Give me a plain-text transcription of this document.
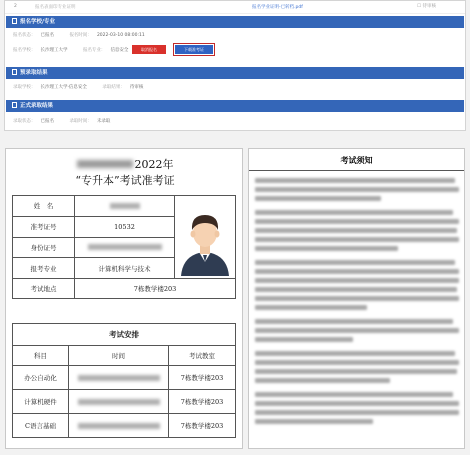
2	报名表面印专业证明	报名学业证明-已转档.pdf	☐ 待审核
报名学校/专业
报名状态： 已报名	报名时间： 2022-03-10 08:00:11
报名学校： 长沙理工大学	报名专业： 信息安全	取消报名	下载准考证
预录取结果
录取学校： 长沙理工大学·信息安全	录取结果： 待审核
正式录取结果
录取状态： 已报名	录取时间： 未录取
2022年
“专升本”考试准考证
姓　名		
准考证号	10532	
身份证号		
报考专业	计算机科学与技术	
考试地点	7栋教学楼203	
考试安排		
科目	时间	考试教室
办公自动化		7栋教学楼203
计算机硬件		7栋教学楼203
C语言基础		7栋教学楼203
考试须知
